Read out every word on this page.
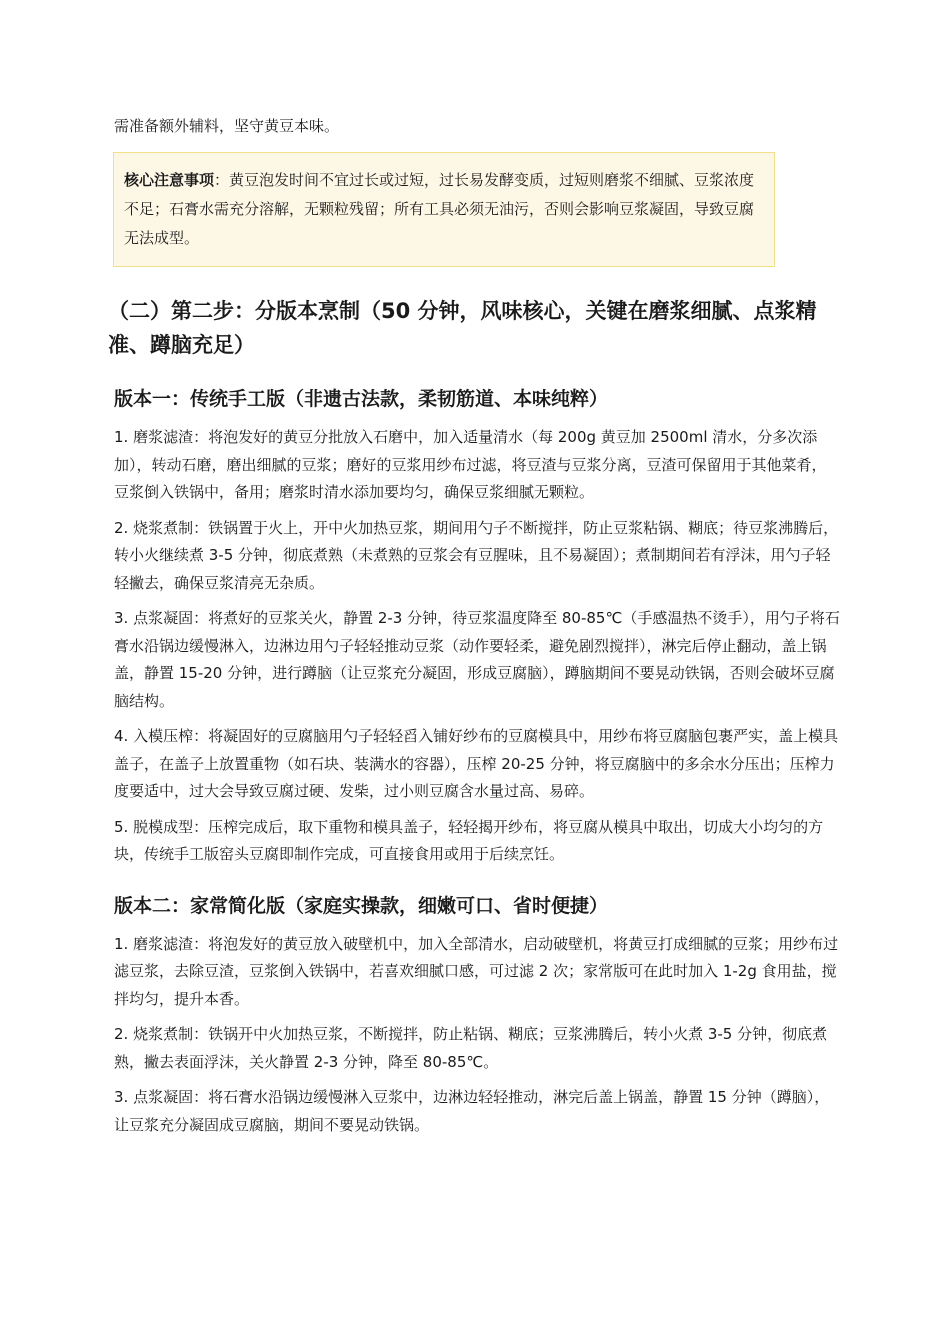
需准备额外辅料，坚守黄豆本味。

核心注意事项：黄豆泡发时间不宜过长或过短，过长易发酵变质，过短则磨浆不细腻、豆浆浓度不足；石膏水需充分溶解，无颗粒残留；所有工具必须无油污，否则会影响豆浆凝固，导致豆腐无法成型。
（二）第二步：分版本烹制（50 分钟，风味核心，关键在磨浆细腻、点浆精准、蹲脑充足）
版本一：传统手工版（非遗古法款，柔韧筋道、本味纯粹）

1. 磨浆滤渣：将泡发好的黄豆分批放入石磨中，加入适量清水（每 200g 黄豆加 2500ml 清水，分多次添加），转动石磨，磨出细腻的豆浆；磨好的豆浆用纱布过滤，将豆渣与豆浆分离，豆渣可保留用于其他菜肴，豆浆倒入铁锅中，备用；磨浆时清水添加要均匀，确保豆浆细腻无颗粒。

2. 烧浆煮制：铁锅置于火上，开中火加热豆浆，期间用勺子不断搅拌，防止豆浆粘锅、糊底；待豆浆沸腾后，转小火继续煮 3-5 分钟，彻底煮熟（未煮熟的豆浆会有豆腥味，且不易凝固）；煮制期间若有浮沫，用勺子轻轻撇去，确保豆浆清亮无杂质。

3. 点浆凝固：将煮好的豆浆关火，静置 2-3 分钟，待豆浆温度降至 80-85℃（手感温热不烫手），用勺子将石膏水沿锅边缓慢淋入，边淋边用勺子轻轻推动豆浆（动作要轻柔，避免剧烈搅拌），淋完后停止翻动，盖上锅盖，静置 15-20 分钟，进行蹲脑（让豆浆充分凝固，形成豆腐脑），蹲脑期间不要晃动铁锅，否则会破坏豆腐脑结构。

4. 入模压榨：将凝固好的豆腐脑用勺子轻轻舀入铺好纱布的豆腐模具中，用纱布将豆腐脑包裹严实，盖上模具盖子，在盖子上放置重物（如石块、装满水的容器），压榨 20-25 分钟，将豆腐脑中的多余水分压出；压榨力度要适中，过大会导致豆腐过硬、发柴，过小则豆腐含水量过高、易碎。

5. 脱模成型：压榨完成后，取下重物和模具盖子，轻轻揭开纱布，将豆腐从模具中取出，切成大小均匀的方块，传统手工版窑头豆腐即制作完成，可直接食用或用于后续烹饪。

版本二：家常简化版（家庭实操款，细嫩可口、省时便捷）

1. 磨浆滤渣：将泡发好的黄豆放入破壁机中，加入全部清水，启动破壁机，将黄豆打成细腻的豆浆；用纱布过滤豆浆，去除豆渣，豆浆倒入铁锅中，若喜欢细腻口感，可过滤 2 次；家常版可在此时加入 1-2g 食用盐，搅拌均匀，提升本香。

2. 烧浆煮制：铁锅开中火加热豆浆，不断搅拌，防止粘锅、糊底；豆浆沸腾后，转小火煮 3-5 分钟，彻底煮熟，撇去表面浮沫，关火静置 2-3 分钟，降至 80-85℃。

3. 点浆凝固：将石膏水沿锅边缓慢淋入豆浆中，边淋边轻轻推动，淋完后盖上锅盖，静置 15 分钟（蹲脑），让豆浆充分凝固成豆腐脑，期间不要晃动铁锅。
